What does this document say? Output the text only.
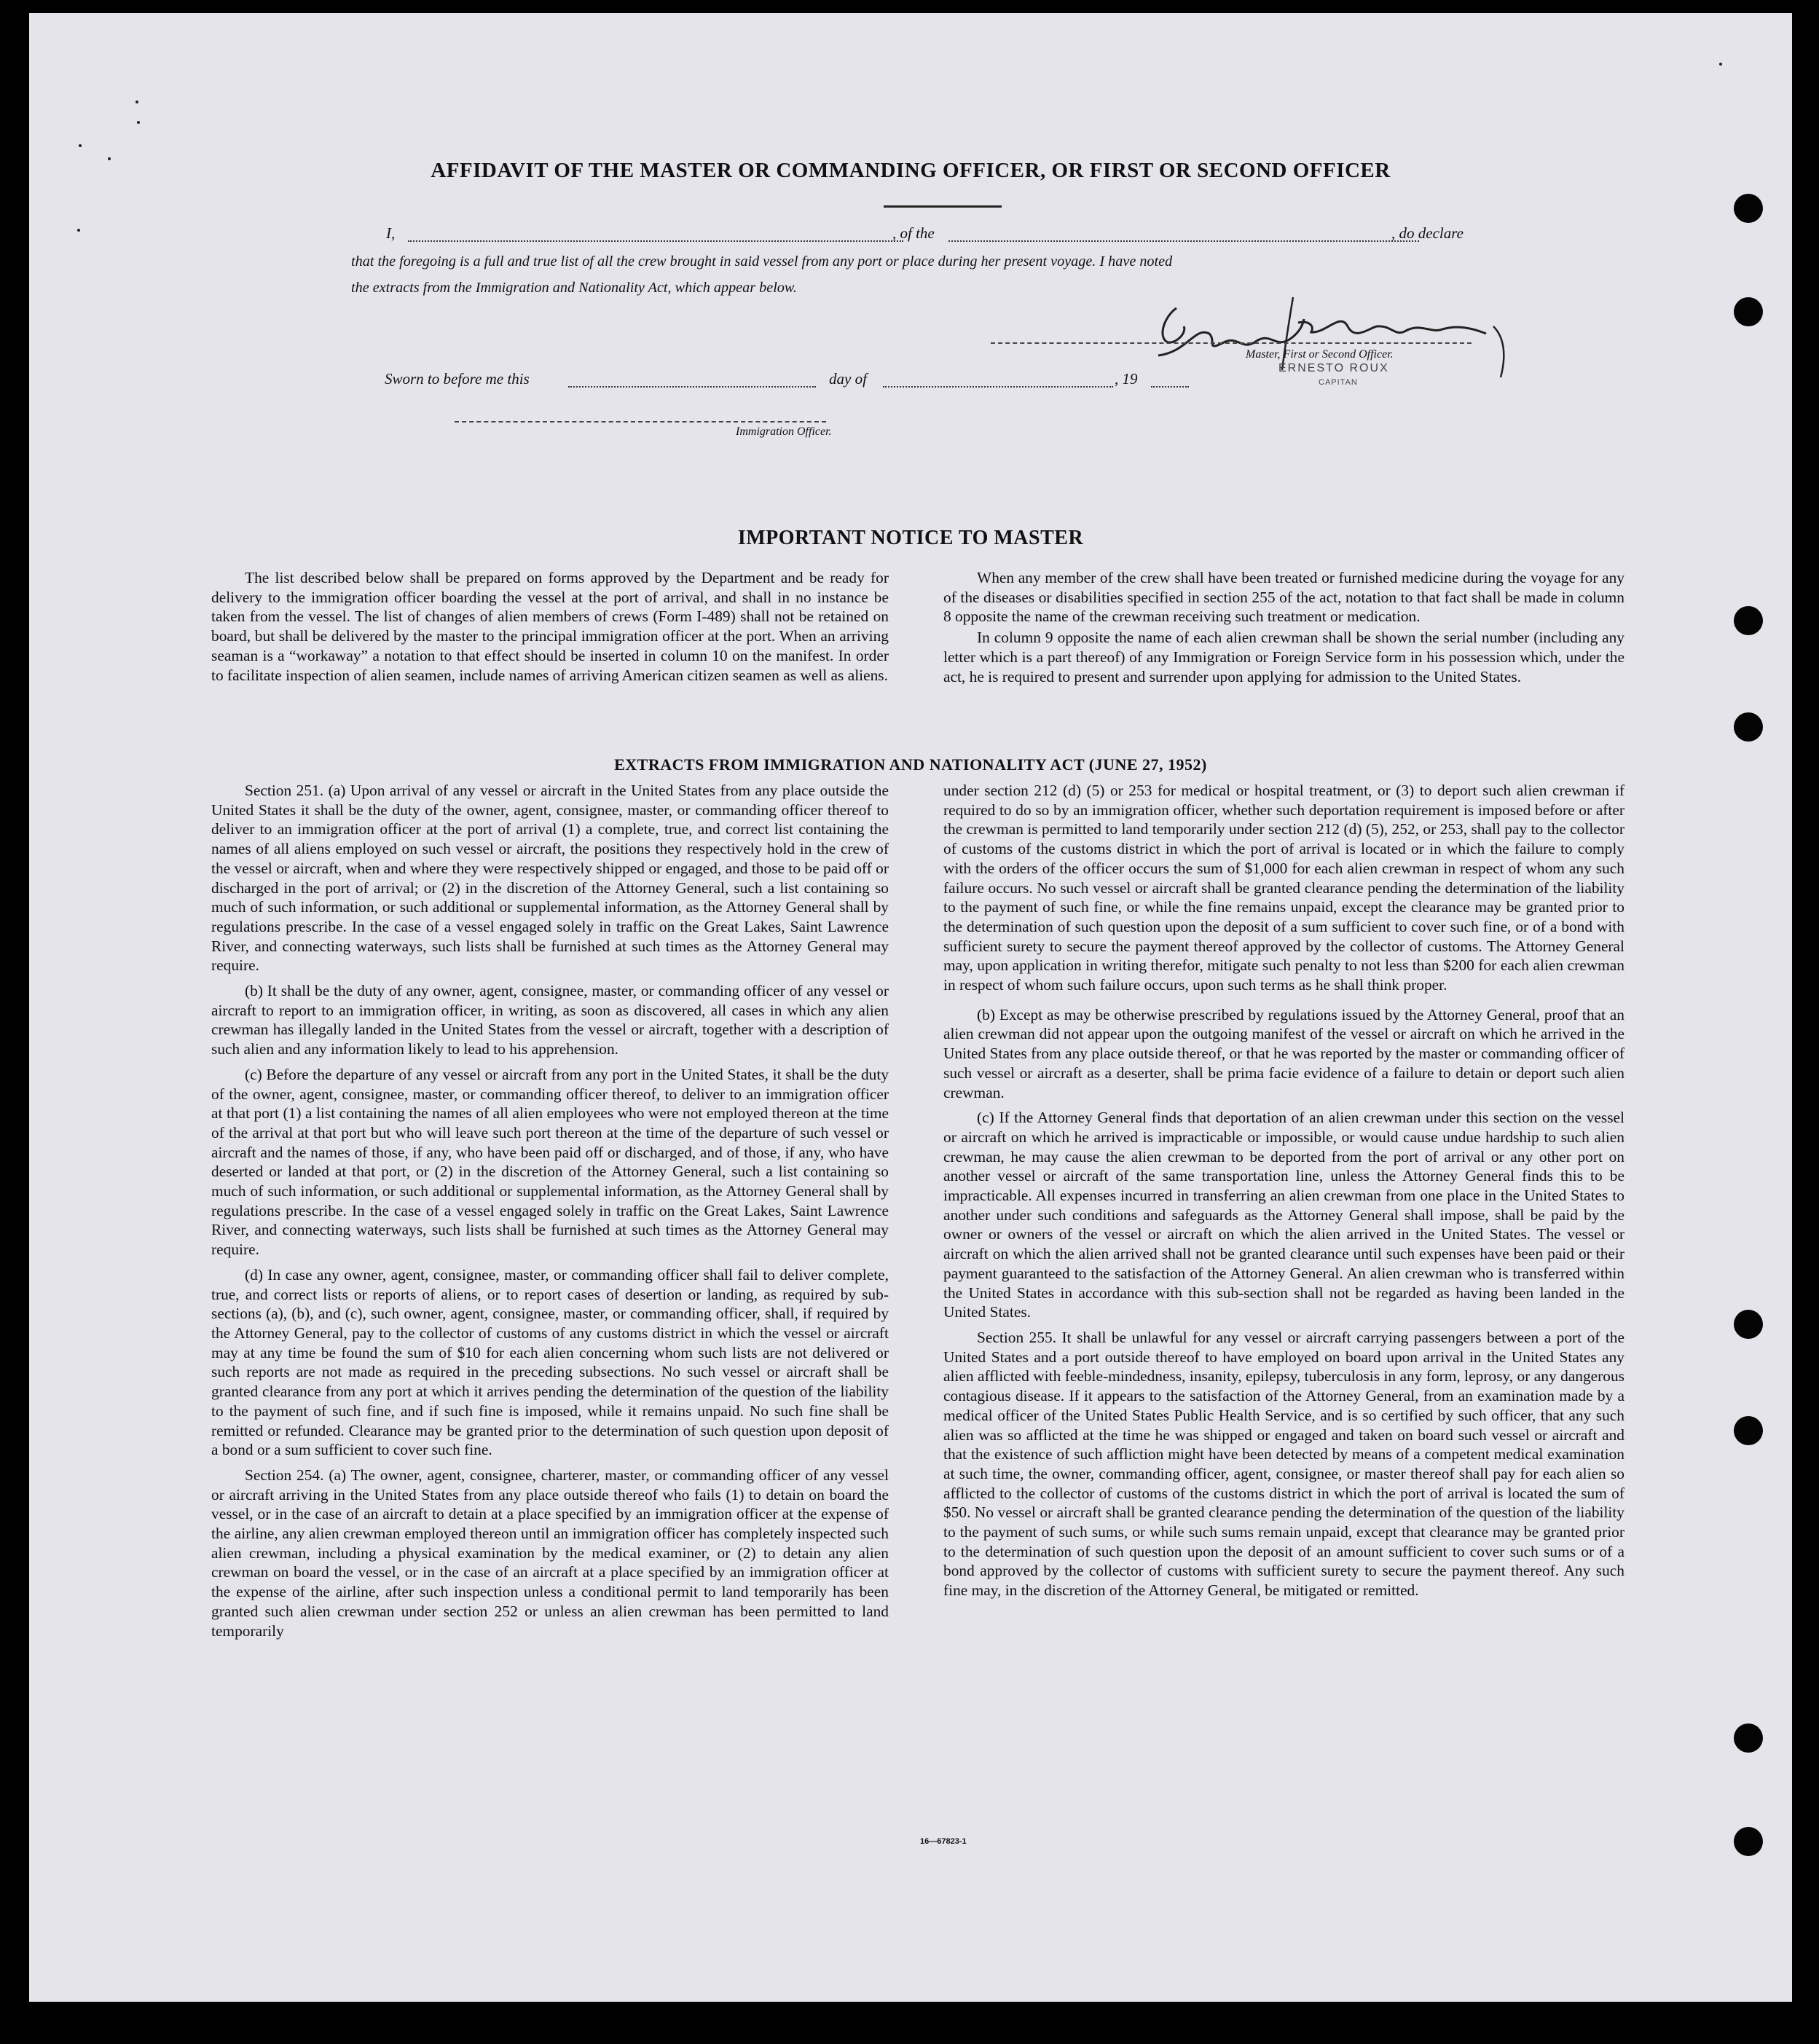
AFFIDAVIT OF THE MASTER OR COMMANDING OFFICER, OR FIRST OR SECOND OFFICER
I,	, of the	, do declare
that the foregoing is a full and true list of all the crew brought in said vessel from any port or place during her present voyage. I have noted
the extracts from the Immigration and Nationality Act, which appear below.
Master, First or Second Officer.
ERNESTO ROUX
CAPITAN
Sworn to before me this	day of	, 19
Immigration Officer.
IMPORTANT NOTICE TO MASTER

The list described below shall be prepared on forms approved by the Department and be ready for delivery to the immigration officer boarding the vessel at the port of arrival, and shall in no instance be taken from the vessel. The list of changes of alien members of crews (Form I-489) shall not be retained on board, but shall be delivered by the master to the principal immigration officer at the port. When an arriving seaman is a “workaway” a notation to that effect should be inserted in column 10 on the manifest. In order to facilitate inspection of alien seamen, include names of arriving American citizen seamen as well as aliens.

When any member of the crew shall have been treated or furnished medicine during the voyage for any of the diseases or disabilities specified in section 255 of the act, notation to that fact shall be made in column 8 opposite the name of the crewman receiving such treatment or medication.

In column 9 opposite the name of each alien crewman shall be shown the serial number (including any letter which is a part thereof) of any Immigration or Foreign Service form in his possession which, under the act, he is required to present and surrender upon applying for admission to the United States.

EXTRACTS FROM IMMIGRATION AND NATIONALITY ACT (JUNE 27, 1952)

Section 251. (a) Upon arrival of any vessel or aircraft in the United States from any place outside the United States it shall be the duty of the owner, agent, consignee, master, or commanding officer thereof to deliver to an immigration officer at the port of arrival (1) a complete, true, and correct list containing the names of all aliens employed on such vessel or aircraft, the positions they respectively hold in the crew of the vessel or aircraft, when and where they were respectively shipped or engaged, and those to be paid off or discharged in the port of arrival; or (2) in the discretion of the Attorney General, such a list containing so much of such information, or such additional or supplemental information, as the Attorney General shall by regulations prescribe. In the case of a vessel engaged solely in traffic on the Great Lakes, Saint Lawrence River, and connecting waterways, such lists shall be furnished at such times as the Attorney General may require.

(b) It shall be the duty of any owner, agent, consignee, master, or commanding officer of any vessel or aircraft to report to an immigration officer, in writing, as soon as discovered, all cases in which any alien crewman has illegally landed in the United States from the vessel or aircraft, together with a description of such alien and any information likely to lead to his apprehension.

(c) Before the departure of any vessel or aircraft from any port in the United States, it shall be the duty of the owner, agent, consignee, master, or commanding officer thereof, to deliver to an immigration officer at that port (1) a list containing the names of all alien employees who were not employed thereon at the time of the arrival at that port but who will leave such port thereon at the time of the departure of such vessel or aircraft and the names of those, if any, who have been paid off or discharged, and of those, if any, who have deserted or landed at that port, or (2) in the discretion of the Attorney General, such a list containing so much of such information, or such additional or supplemental information, as the Attorney General shall by regulations prescribe. In the case of a vessel engaged solely in traffic on the Great Lakes, Saint Lawrence River, and connecting waterways, such lists shall be furnished at such times as the Attorney General may require.

(d) In case any owner, agent, consignee, master, or commanding officer shall fail to deliver complete, true, and correct lists or reports of aliens, or to report cases of desertion or landing, as required by sub-sections (a), (b), and (c), such owner, agent, consignee, master, or commanding officer, shall, if required by the Attorney General, pay to the collector of customs of any customs district in which the vessel or aircraft may at any time be found the sum of $10 for each alien concerning whom such lists are not delivered or such reports are not made as required in the preceding subsections. No such vessel or aircraft shall be granted clearance from any port at which it arrives pending the determination of the question of the liability to the payment of such fine, and if such fine is imposed, while it remains unpaid. No such fine shall be remitted or refunded. Clearance may be granted prior to the determination of such question upon deposit of a bond or a sum sufficient to cover such fine.

Section 254. (a) The owner, agent, consignee, charterer, master, or commanding officer of any vessel or aircraft arriving in the United States from any place outside thereof who fails (1) to detain on board the vessel, or in the case of an aircraft to detain at a place specified by an immigration officer at the expense of the airline, any alien crewman employed thereon until an immigration officer has completely inspected such alien crewman, including a physical examination by the medical examiner, or (2) to detain any alien crewman on board the vessel, or in the case of an aircraft at a place specified by an immigration officer at the expense of the airline, after such inspection unless a conditional permit to land temporarily has been granted such alien crewman under section 252 or unless an alien crewman has been permitted to land temporarily

under section 212 (d) (5) or 253 for medical or hospital treatment, or (3) to deport such alien crewman if required to do so by an immigration officer, whether such deportation requirement is imposed before or after the crewman is permitted to land temporarily under section 212 (d) (5), 252, or 253, shall pay to the collector of customs of the customs district in which the port of arrival is located or in which the failure to comply with the orders of the officer occurs the sum of $1,000 for each alien crewman in respect of whom any such failure occurs. No such vessel or aircraft shall be granted clearance pending the determination of the liability to the payment of such fine, or while the fine remains unpaid, except the clearance may be granted prior to the determination of such question upon the deposit of a sum sufficient to cover such fine, or of a bond with sufficient surety to secure the payment thereof approved by the collector of customs. The Attorney General may, upon application in writing therefor, mitigate such penalty to not less than $200 for each alien crewman in respect of whom such failure occurs, upon such terms as he shall think proper.

(b) Except as may be otherwise prescribed by regulations issued by the Attorney General, proof that an alien crewman did not appear upon the outgoing manifest of the vessel or aircraft on which he arrived in the United States from any place outside thereof, or that he was reported by the master or commanding officer of such vessel or aircraft as a deserter, shall be prima facie evidence of a failure to detain or deport such alien crewman.

(c) If the Attorney General finds that deportation of an alien crewman under this section on the vessel or aircraft on which he arrived is impracticable or impossible, or would cause undue hardship to such alien crewman, he may cause the alien crewman to be deported from the port of arrival or any other port on another vessel or aircraft of the same transportation line, unless the Attorney General finds this to be impracticable. All expenses incurred in transferring an alien crewman from one place in the United States to another under such conditions and safeguards as the Attorney General shall impose, shall be paid by the owner or owners of the vessel or aircraft on which the alien arrived in the United States. The vessel or aircraft on which the alien arrived shall not be granted clearance until such expenses have been paid or their payment guaranteed to the satisfaction of the Attorney General. An alien crewman who is transferred within the United States in accordance with this sub-section shall not be regarded as having been landed in the United States.

Section 255. It shall be unlawful for any vessel or aircraft carrying passengers between a port of the United States and a port outside thereof to have employed on board upon arrival in the United States any alien afflicted with feeble-mindedness, insanity, epilepsy, tuberculosis in any form, leprosy, or any dangerous contagious disease. If it appears to the satisfaction of the Attorney General, from an examination made by a medical officer of the United States Public Health Service, and is so certified by such officer, that any such alien was so afflicted at the time he was shipped or engaged and taken on board such vessel or aircraft and that the existence of such affliction might have been detected by means of a competent medical examination at such time, the owner, commanding officer, agent, consignee, or master thereof shall pay for each alien so afflicted to the collector of customs of the customs district in which the port of arrival is located the sum of $50. No vessel or aircraft shall be granted clearance pending the determination of the question of the liability to the payment of such sums, or while such sums remain unpaid, except that clearance may be granted prior to the determination of such question upon the deposit of an amount sufficient to cover such sums or of a bond approved by the collector of customs with sufficient surety to secure the payment thereof. Any such fine may, in the discretion of the Attorney General, be mitigated or remitted.

16—67823-1
